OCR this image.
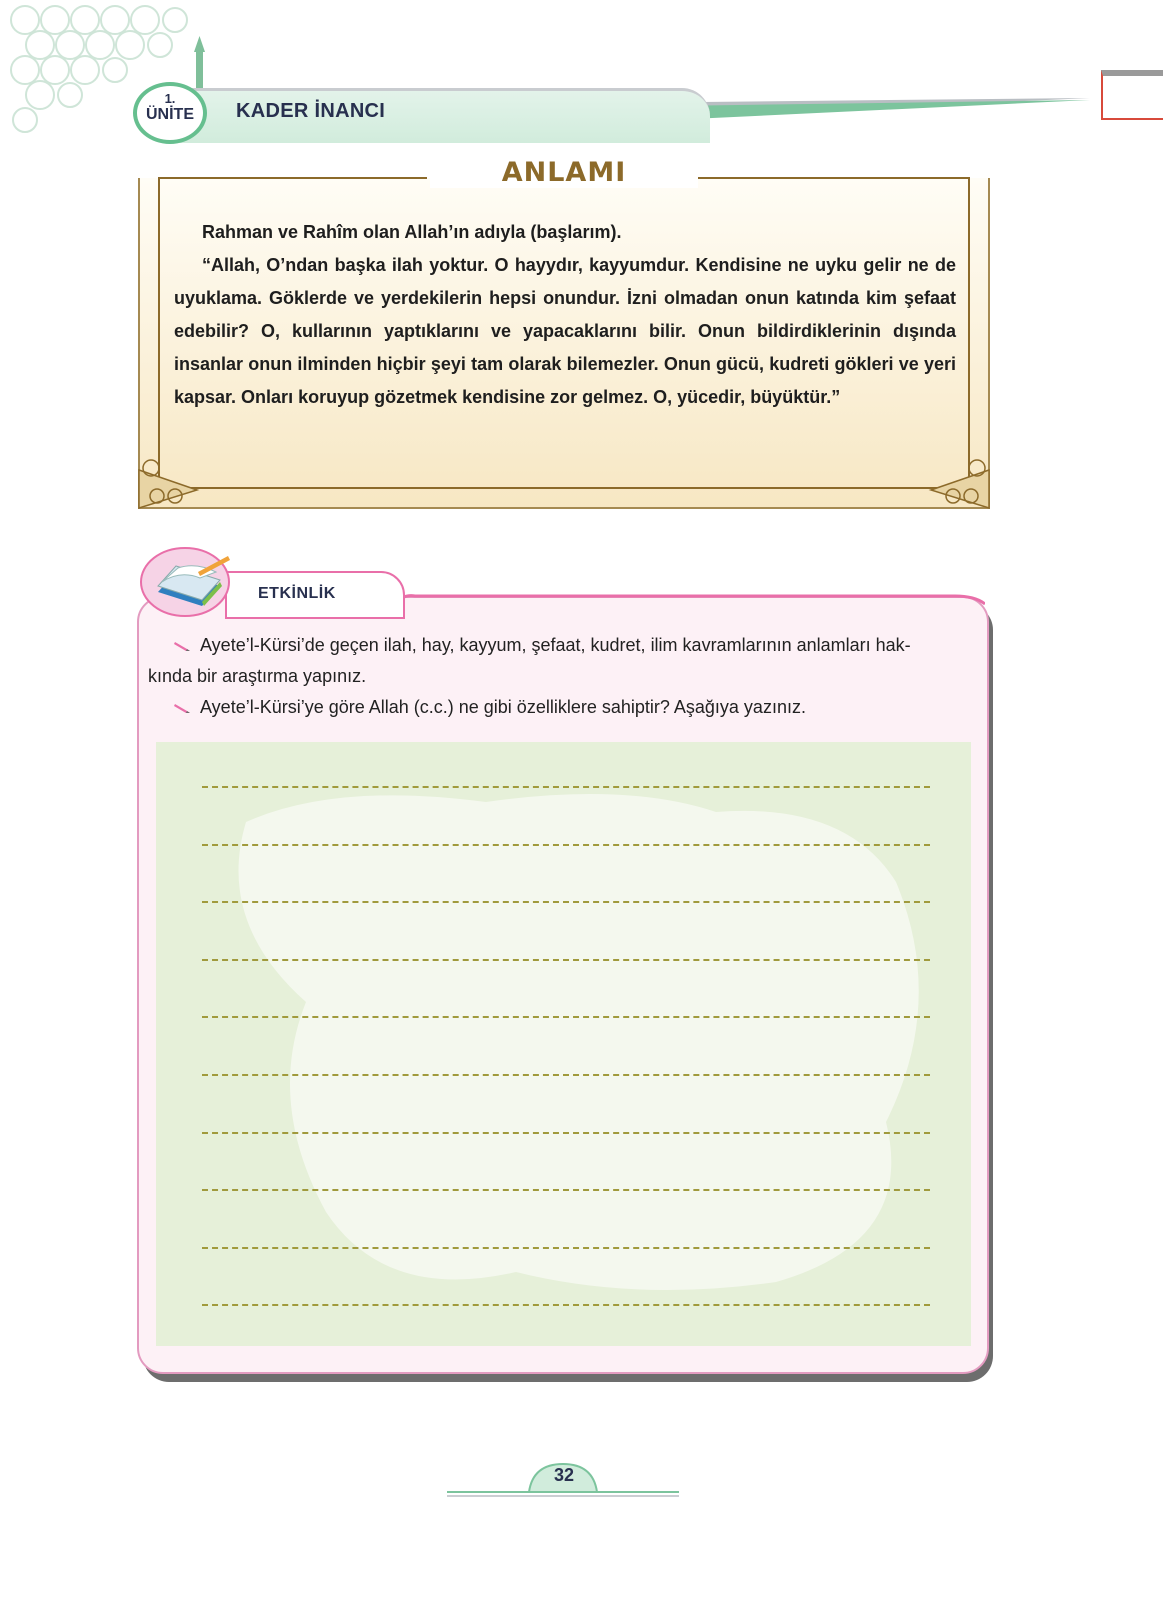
1.
ÜNİTE	KADER İNANCI
ANLAMI

Rahman ve Rahîm olan Allah’ın adıyla (başlarım).

“Allah, O’ndan başka ilah yoktur. O hayydır, kayyumdur. Kendisine ne uyku gelir ne de uyuklama. Göklerde ve yerdekilerin hepsi onundur. İzni olmadan onun katında kim şefaat edebilir? O, kullarının yaptıklarını ve yapacaklarını bilir. Onun bildirdiklerinin dışında insanlar onun ilminden hiçbir şeyi tam olarak bilemezler. Onun gücü, kudreti gökleri ve yeri kapsar. Onları koruyup gözetmek kendisine zor gelmez. O, yücedir, büyüktür.”

ETKİNLİK

Ayete’l-Kürsi’de geçen ilah, hay, kayyum, şefaat, kudret, ilim kavramlarının anlamları hak-

kında bir araştırma yapınız.

Ayete’l-Kürsi’ye göre Allah (c.c.) ne gibi özelliklere sahiptir? Aşağıya yazınız.

32
